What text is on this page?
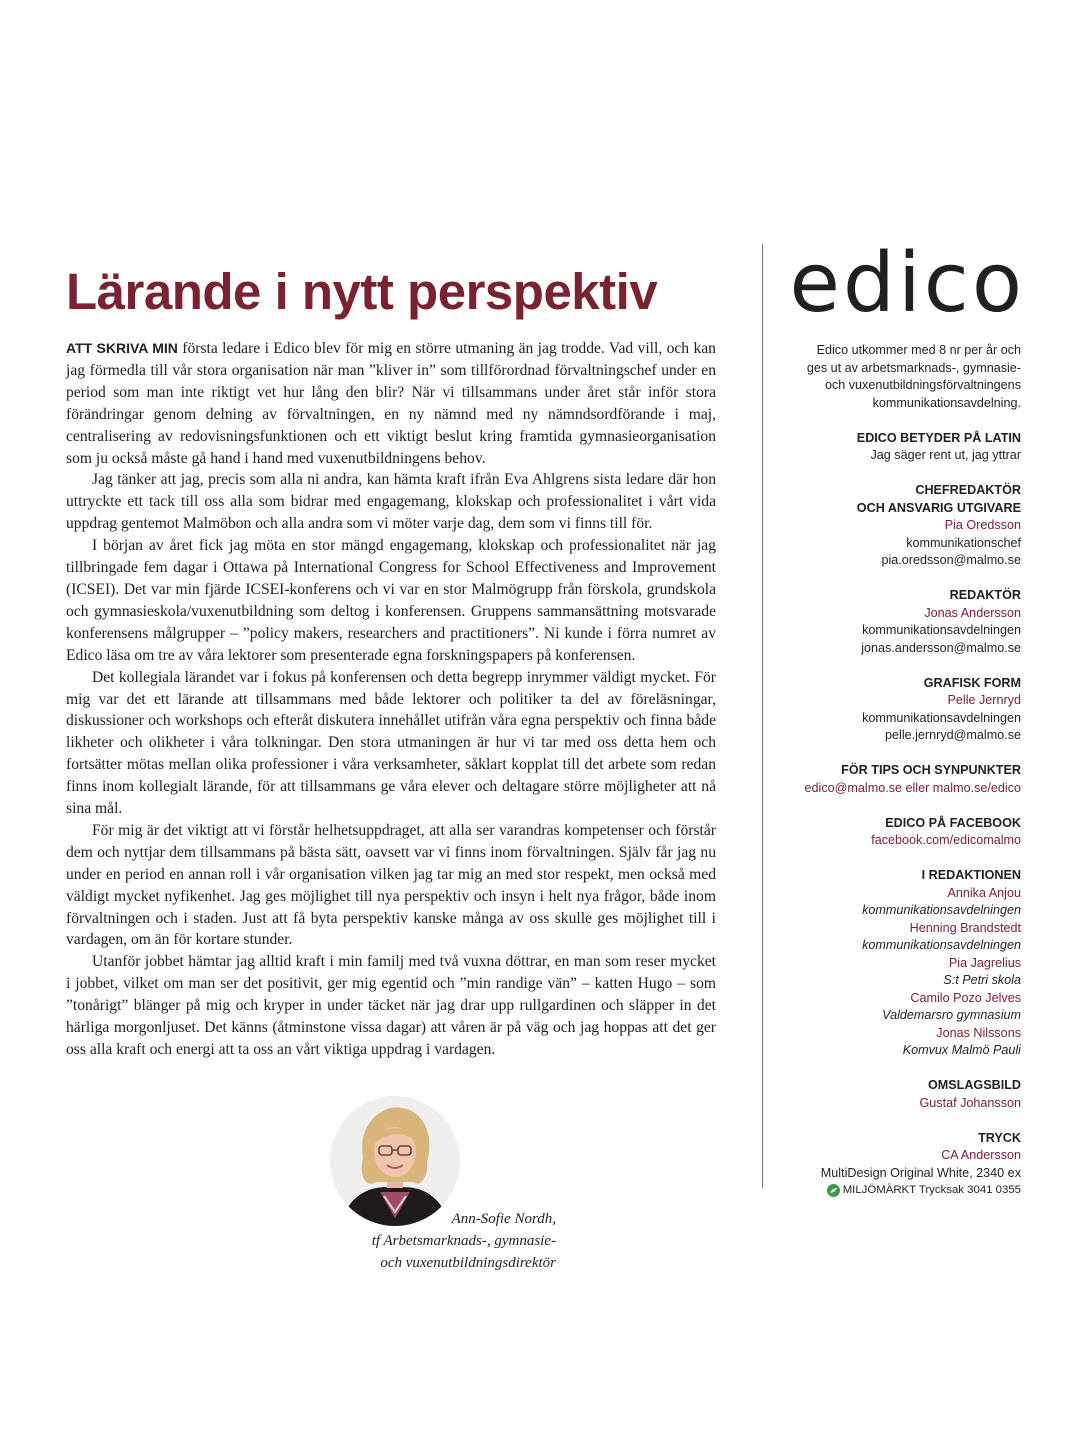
Lärande i nytt perspektiv

ATT SKRIVA MIN första ledare i Edico blev för mig en större utmaning än jag trodde. Vad vill, och kan jag förmedla till vår stora organisation när man ”kliver in” som tillförordnad förvaltningschef under en period som man inte riktigt vet hur lång den blir? När vi tillsammans under året står inför stora förändringar genom delning av förvaltningen, en ny nämnd med ny nämndsordförande i maj, centralisering av redovisningsfunktionen och ett viktigt beslut kring framtida gymnasieorganisation som ju också måste gå hand i hand med vuxenutbildningens behov.

Jag tänker att jag, precis som alla ni andra, kan hämta kraft ifrån Eva Ahlgrens sista ledare där hon uttryckte ett tack till oss alla som bidrar med engagemang, klokskap och professionalitet i vårt vida uppdrag gentemot Malmöbon och alla andra som vi möter varje dag, dem som vi finns till för.

I början av året fick jag möta en stor mängd engagemang, klokskap och professionalitet när jag tillbringade fem dagar i Ottawa på International Congress for School Effectiveness and Improvement (ICSEI). Det var min fjärde ICSEI-konferens och vi var en stor Malmögrupp från förskola, grundskola och gymnasieskola/vuxenutbildning som deltog i konferensen. Gruppens sammansättning motsvarade konferensens målgrupper – ”policy makers, researchers and practitioners”. Ni kunde i förra numret av Edico läsa om tre av våra lektorer som presenterade egna forskningspapers på konferensen.

Det kollegiala lärandet var i fokus på konferensen och detta begrepp inrymmer väldigt mycket. För mig var det ett lärande att tillsammans med både lektorer och politiker ta del av föreläsningar, diskussioner och workshops och efteråt diskutera innehållet utifrån våra egna perspektiv och finna både likheter och olikheter i våra tolkningar. Den stora utmaningen är hur vi tar med oss detta hem och fortsätter mötas mellan olika professioner i våra verksamheter, såklart kopplat till det arbete som redan finns inom kollegialt lärande, för att tillsammans ge våra elever och deltagare större möjligheter att nå sina mål.

För mig är det viktigt att vi förstår helhetsuppdraget, att alla ser varandras kompetenser och förstår dem och nyttjar dem tillsammans på bästa sätt, oavsett var vi finns inom förvaltningen. Själv får jag nu under en period en annan roll i vår organisation vilken jag tar mig an med stor respekt, men också med väldigt mycket nyfikenhet. Jag ges möjlighet till nya perspektiv och insyn i helt nya frågor, både inom förvaltningen och i staden. Just att få byta perspektiv kanske många av oss skulle ges möjlighet till i vardagen, om än för kortare stunder.

Utanför jobbet hämtar jag alltid kraft i min familj med två vuxna döttrar, en man som reser mycket i jobbet, vilket om man ser det positivit, ger mig egentid och ”min randige vän” – katten Hugo – som ”tonårigt” blänger på mig och kryper in under täcket när jag drar upp rullgardinen och släpper in det härliga morgonljuset. Det känns (åtminstone vissa dagar) att våren är på väg och jag hoppas att det ger oss alla kraft och energi att ta oss an vårt viktiga uppdrag i vardagen.

Ann-Sofie Nordh,
tf Arbetsmarknads-, gymnasie-
och vuxenutbildningsdirektör
edico
Edico utkommer med 8 nr per år och
ges ut av arbetsmarknads-, gymnasie-
och vuxenutbildningsförvaltningens
kommunikationsavdelning.
EDICO BETYDER PÅ LATIN
Jag säger rent ut, jag yttrar
CHEFREDAKTÖR
OCH ANSVARIG UTGIVARE
Pia Oredsson
kommunikationschef
pia.oredsson@malmo.se
REDAKTÖR
Jonas Andersson
kommunikationsavdelningen
jonas.andersson@malmo.se
GRAFISK FORM
Pelle Jernryd
kommunikationsavdelningen
pelle.jernryd@malmo.se
FÖR TIPS OCH SYNPUNKTER
edico@malmo.se eller malmo.se/edico
EDICO PÅ FACEBOOK
facebook.com/edicomalmo
I REDAKTIONEN
Annika Anjou
kommunikationsavdelningen
Henning Brandstedt
kommunikationsavdelningen
Pia Jagrelius
S:t Petri skola
Camilo Pozo Jelves
Valdemarsro gymnasium
Jonas Nilssons
Komvux Malmö Pauli
OMSLAGSBILD
Gustaf Johansson
TRYCK
CA Andersson
MultiDesign Original White, 2340 ex
MILJÖMÄRKT Trycksak 3041 0355
